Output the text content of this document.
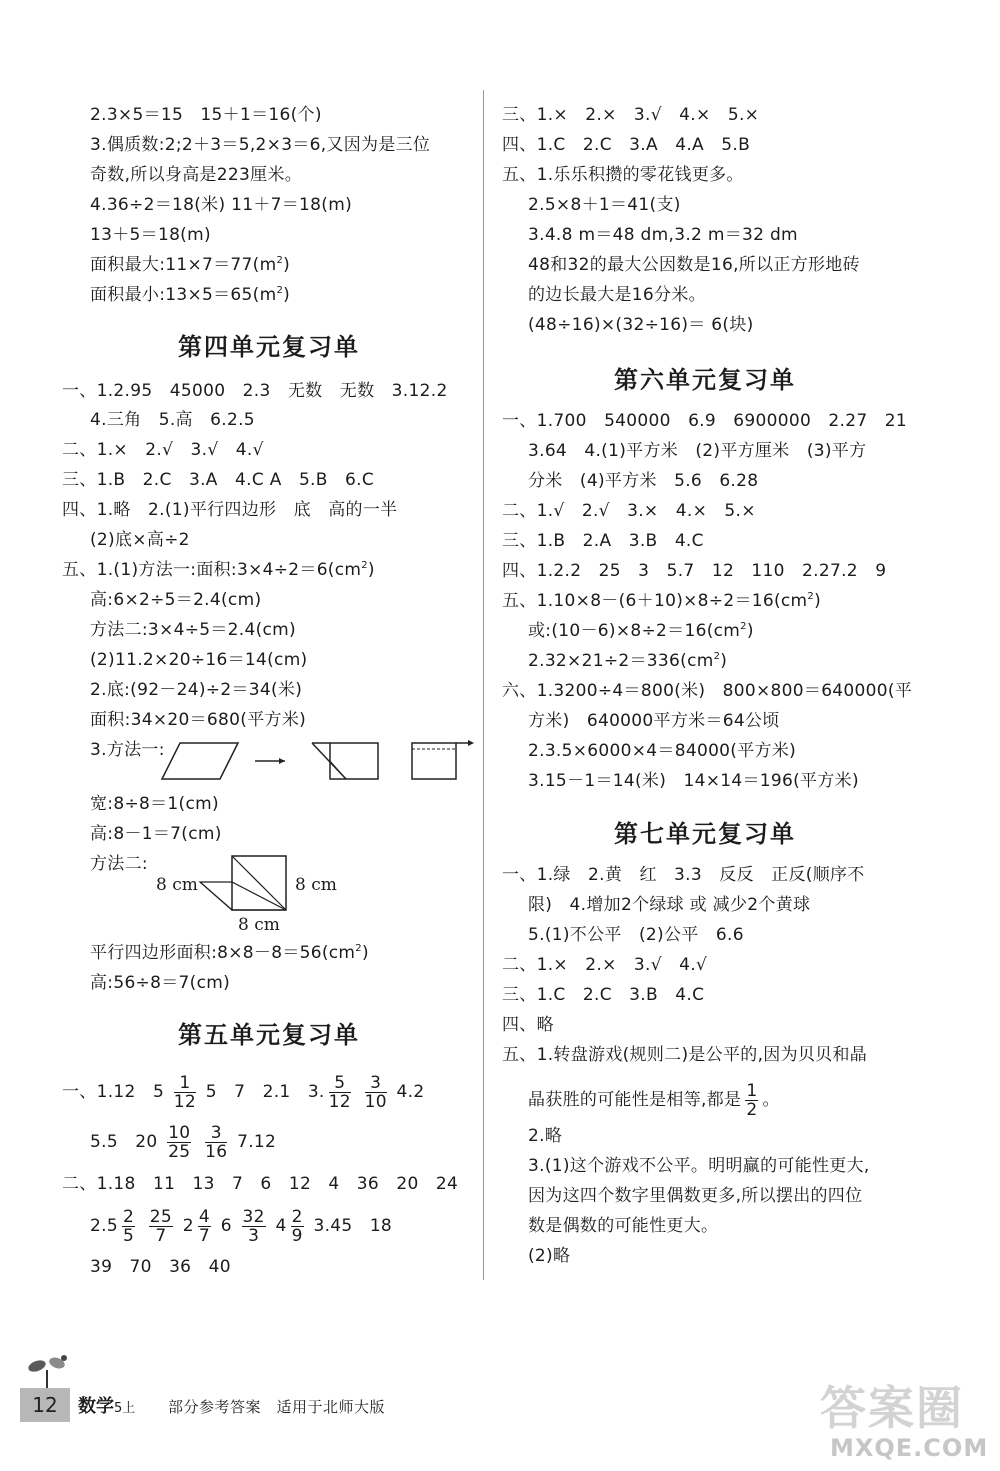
2.3×5＝15　15＋1＝16(个)
3.偶质数:2;2＋3＝5,2×3＝6,又因为是三位
奇数,所以身高是223厘米。
4.36÷2＝18(米) 11＋7＝18(m)
13＋5＝18(m)
面积最大$:11\times 7=77(m^2)$
面积最小$:13\times 5=65(m^2)$
第四单元复习单
一、1.2.95　45000　2.3　无数　无数　3.12.2
4.三角　5.高　6.2.5
二、1.×　2.√　3.√　4.√
三、1.B　2.C　3.A　4.C A　5.B　6.C
四、1.略　2.(1)平行四边形　底　高的一半
(2)底×高÷2
五、1.(1)方法一:面积$:3\times 4\div 2=6(cm^2)$
高:6×2÷5＝2.4(cm)
方法二:3×4÷5＝2.4(cm)
(2)11.2×20÷16＝14(cm)
2.底:(92－24)÷2＝34(米)
面积:34×20＝680(平方米)
3.方法一:
宽:8÷8＝1(cm)
高:8－1＝7(cm)
方法二:
8 cm	8 cm
8 cm
平行四边形面积$:8\times 8-8=56(cm^2)$
高:56÷8＝7(cm)
第五单元复习单
一、1.12　$5 \frac{1}{12} 5$　7　2.1　3. $\frac{5}{12}$
$\frac{3}{10} 4.2$
5.5　$20 \frac{10}{25}$
$\frac{3}{16} 7.12$
二、1.18　11　13　7　6　12　4　36　20　24
$2.5 \frac{2}{5}$
$\frac{25}{7} 2 \frac{4}{7} 6 \frac{32}{3} 4 \frac{2}{9} 3.45$　18
39　70　36　40
三、1.×　2.×　3.√　4.×　5.×
四、1.C　2.C　3.A　4.A　5.B
五、1.乐乐积攒的零花钱更多。
2.5×8＋1＝41(支)
3.4.8 m＝48 dm,3.2 m＝32 dm
48和32的最大公因数是16,所以正方形地砖
的边长最大是16分米。
(48÷16)×(32÷16)＝ 6(块)
第六单元复习单
一、1.700　540000　6.9　6900000　2.27　21
3.64　4.(1)平方米　(2)平方厘米　(3)平方
分米　(4)平方米　5.6　6.28
二、1.√　2.√　3.×　4.×　5.×
三、1.B　2.A　3.B　4.C
四、1.2.2　25　3　5.7　12　110　2.27.2　9
五、$1.10\times 8-(6+10)\times 8\div 2=16(cm^2)$
或$:(10-6)\times 8\div 2=16(cm^2)$
$2.32\times 21\div 2=336(cm^2)$
六、1.3200÷4＝800(米)　800×800＝640000(平
方米)　640000平方米＝64公顷
2.3.5×6000×4＝84000(平方米)
3.15－1＝14(米)　14×14＝196(平方米)
第七单元复习单
一、1.绿　2.黄　红　3.3　反反　正反(顺序不
限)　4.增加2个绿球 或 减少2个黄球
5.(1)不公平　(2)公平　6.6
二、1.×　2.×　3.√　4.√
三、1.C　2.C　3.B　4.C
四、略
五、1.转盘游戏(规则二)是公平的,因为贝贝和晶
晶获胜的可能性是相等,都是 $\frac{1}{2}$ 。
2.略
3.(1)这个游戏不公平。明明赢的可能性更大,
因为这四个数字里偶数更多,所以摆出的四位
数是偶数的可能性更大。
(2)略
12	数学5上 部分参考答案　适用于北师大版	答案圈
MXQE.COM
